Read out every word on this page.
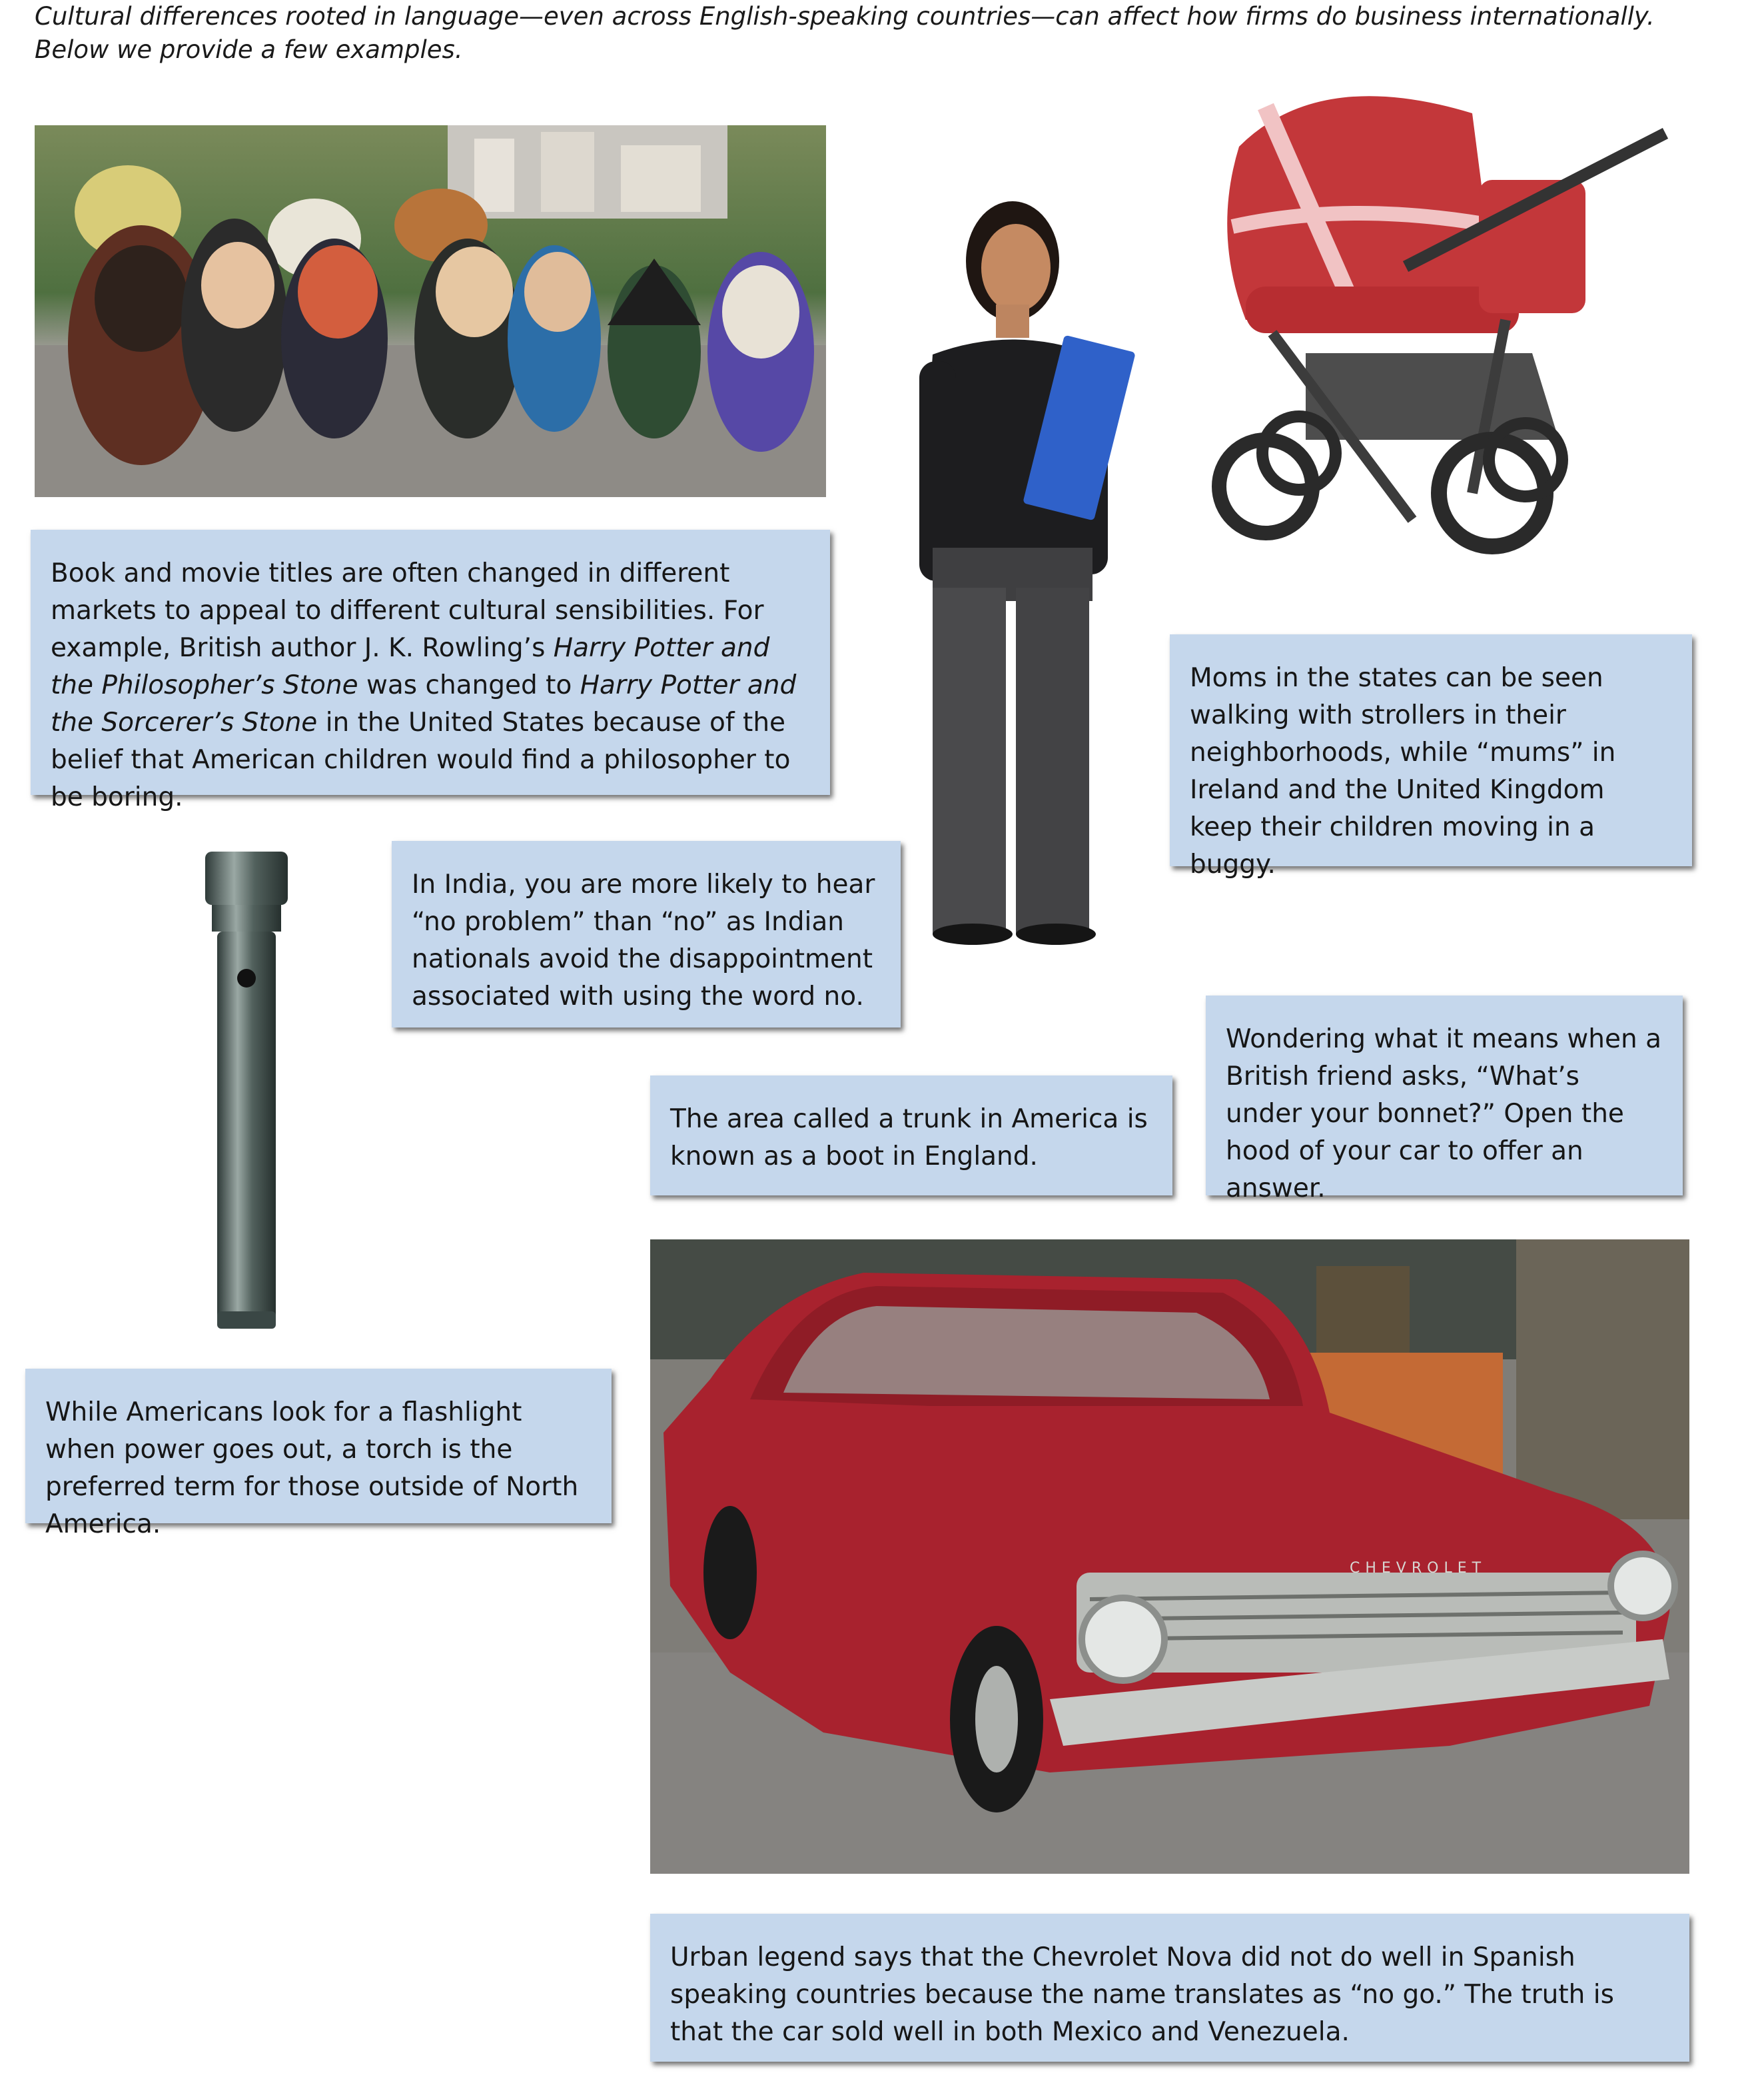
Cultural differences rooted in language—even across English-speaking countries—can affect how firms do business internationally. Below we provide a few examples.
CHEVROLET
Book and movie titles are often changed in different markets to appeal to different cultural sensibilities. For example, British author J. K. Rowling’s Harry Potter and the Philosopher’s Stone was changed to Harry Potter and the Sorcerer’s Stone in the United States because of the belief that American children would find a philosopher to be boring.
Moms in the states can be seen walking with strollers in their neighborhoods, while “mums” in Ireland and the United Kingdom keep their children moving in a buggy.
In India, you are more likely to hear “no problem” than “no” as Indian nationals avoid the disappointment associated with using the word no.
Wondering what it means when a British friend asks, “What’s under your bonnet?” Open the hood of your car to offer an answer.
The area called a trunk in America is known as a boot in England.
While Americans look for a flashlight when power goes out, a torch is the preferred term for those outside of North America.
Urban legend says that the Chevrolet Nova did not do well in Spanish speaking countries because the name translates as “no go.” The truth is that the car sold well in both Mexico and Venezuela.
